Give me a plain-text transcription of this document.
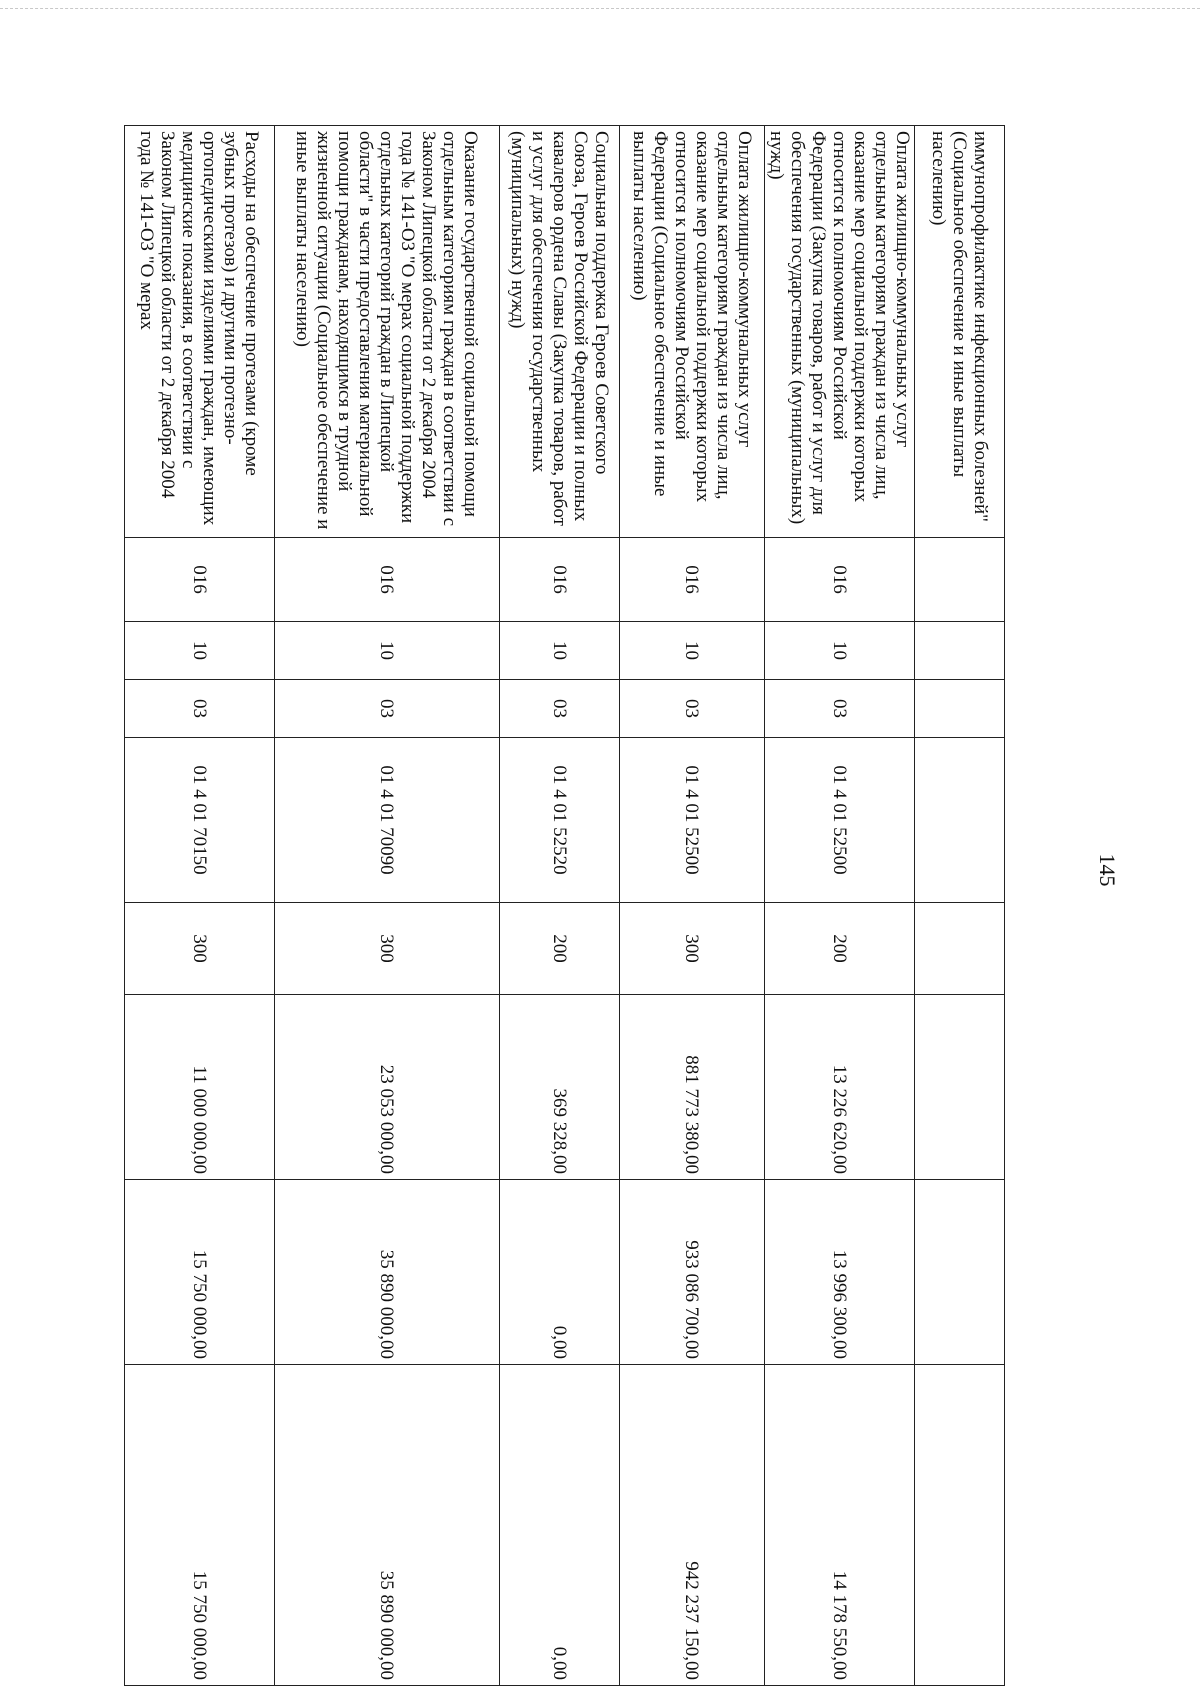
145
иммунопрофилактике инфекционных болезней" (Социальное обеспечение и иные выплаты населению)								
Оплата жилищно-коммунальных услуг отдельным категориям граждан из числа лиц, оказание мер социальной поддержки которых относится к полномочиям Российской Федерации (Закупка товаров, работ и услуг для обеспечения государственных (муниципальных) нужд)	016	10	03	01 4 01 52500	200	13 226 620,00	13 996 300,00	14 178 550,00
Оплата жилищно-коммунальных услуг отдельным категориям граждан из числа лиц, оказание мер социальной поддержки которых относится к полномочиям Российской Федерации (Социальное обеспечение и иные выплаты населению)	016	10	03	01 4 01 52500	300	881 773 380,00	933 086 700,00	942 237 150,00
Социальная поддержка Героев Советского Союза, Героев Российской Федерации и полных кавалеров ордена Славы (Закупка товаров, работ и услуг для обеспечения государственных (муниципальных) нужд)	016	10	03	01 4 01 52520	200	369 328,00	0,00	0,00
Оказание государственной социальной помощи отдельным категориям граждан в соответствии с Законом Липецкой области от 2 декабря 2004 года № 141-ОЗ "О мерах социальной поддержки отдельных категорий граждан в Липецкой области" в части предоставления материальной помощи гражданам, находящимся в трудной жизненной ситуации (Социальное обеспечение и иные выплаты населению)	016	10	03	01 4 01 70090	300	23 053 000,00	35 890 000,00	35 890 000,00
Расходы на обеспечение протезами (кроме зубных протезов) и другими протезно-ортопедическими изделиями граждан, имеющих медицинские показания, в соответствии с Законом Липецкой области от 2 декабря 2004 года № 141-ОЗ "О мерах	016	10	03	01 4 01 70150	300	11 000 000,00	15 750 000,00	15 750 000,00
